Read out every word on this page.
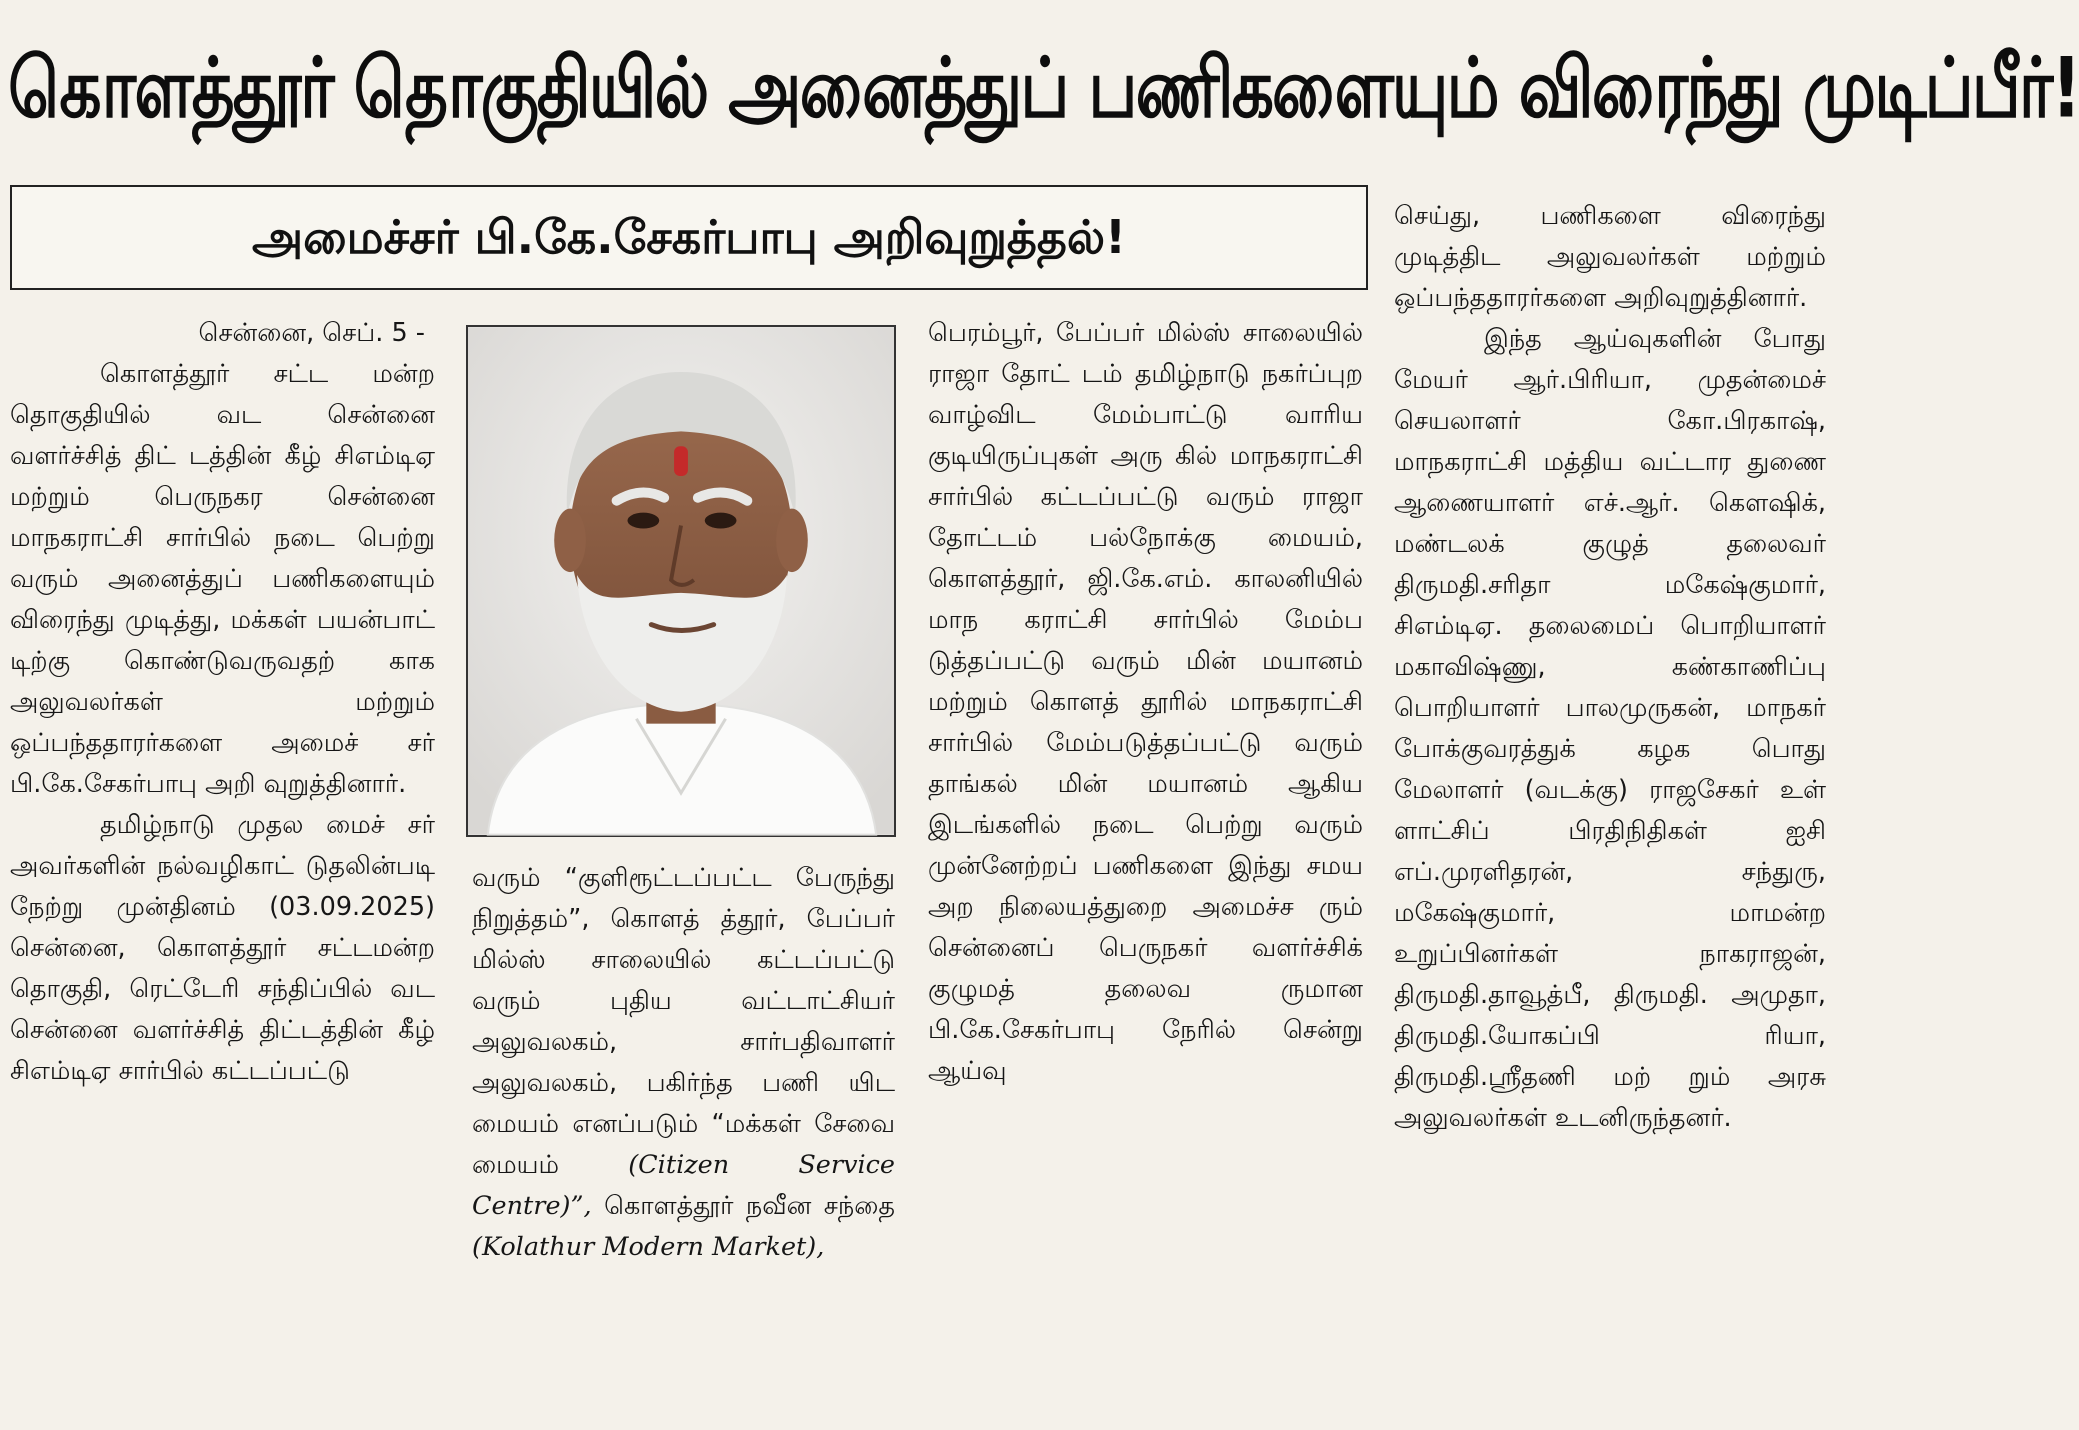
கொளத்தூர் தொகுதியில் அனைத்துப் பணிகளையும் விரைந்து முடிப்பீர்!
அமைச்சர் பி.கே.சேகர்பாபு அறிவுறுத்தல்!

சென்னை, செப். 5 -

கொளத்தூர் சட்ட மன்ற தொகுதியில் வட சென்னை வளர்ச்சித் திட் டத்தின் கீழ் சிஎம்டிஏ மற்றும் பெருநகர சென்னை மாநகராட்சி சார்பில் நடை பெற்று வரும் அனைத்துப் பணிகளையும் விரைந்து முடித்து, மக்கள் பயன்பாட் டிற்கு கொண்டுவருவதற் காக அலுவலர்கள் மற்றும் ஒப்பந்ததாரர்களை அமைச் சர் பி.கே.சேகர்பாபு அறி வுறுத்தினார்.

தமிழ்நாடு முதல மைச் சர் அவர்களின் நல்வழிகாட் டுதலின்படி நேற்று முன்தினம் (03.09.2025) சென்னை, கொளத்தூர் சட்டமன்ற தொகுதி, ரெட்டேரி சந்திப்பில் வட சென்னை வளர்ச்சித் திட்டத்தின் கீழ் சிஎம்டிஏ சார்பில் கட்டப்பட்டு

வரும் “குளிரூட்டப்பட்ட பேருந்து நிறுத்தம்”, கொளத் த்தூர், பேப்பர் மில்ஸ் சாலையில் கட்டப்பட்டு வரும் புதிய வட்டாட்சியர் அலுவலகம், சார்பதிவாளர் அலுவலகம், பகிர்ந்த பணி யிட மையம் எனப்படும் “மக்கள் சேவை மையம்	(Citizen Service Centre)”, கொளத்தூர் நவீன சந்தை (Kolathur Modern Market),

பெரம்பூர், பேப்பர் மில்ஸ் சாலையில் ராஜா தோட் டம் தமிழ்நாடு நகர்ப்புற வாழ்விட மேம்பாட்டு வாரிய குடியிருப்புகள் அரு கில் மாநகராட்சி சார்பில் கட்டப்பட்டு வரும் ராஜா தோட்டம் பல்நோக்கு மையம், கொளத்தூர், ஜி.கே.எம். காலனியில் மாந கராட்சி சார்பில் மேம்ப டுத்தப்பட்டு வரும் மின் மயானம் மற்றும் கொளத் தூரில் மாநகராட்சி சார்பில் மேம்படுத்தப்பட்டு வரும் தாங்கல் மின் மயானம் ஆகிய இடங்களில் நடை பெற்று வரும் முன்னேற்றப் பணிகளை இந்து சமய அற நிலையத்துறை அமைச்ச ரும் சென்னைப் பெருநகர் வளர்ச்சிக் குழுமத் தலைவ ருமான பி.கே.சேகர்பாபு நேரில் சென்று ஆய்வு

செய்து, பணிகளை விரைந்து முடித்திட அலுவலர்கள் மற்றும் ஒப்பந்ததாரர்களை அறிவுறுத்தினார்.

இந்த ஆய்வுகளின் போது மேயர் ஆர்.பிரியா, முதன்மைச் செயலாளர் கோ.பிரகாஷ், மாநகராட்சி மத்திய வட்டார துணை ஆணையாளர் எச்.ஆர். கௌஷிக், மண்டலக் குழுத் தலைவர் திருமதி.சரிதா மகேஷ்குமார், சிஎம்டிஏ. தலைமைப் பொறியாளர் மகாவிஷ்ணு, கண்காணிப்பு பொறியாளர் பாலமுருகன், மாநகர் போக்குவரத்துக் கழக பொது மேலாளர் (வடக்கு) ராஜசேகர் உள் ளாட்சிப் பிரதிநிதிகள் ஐசி எப்.முரளிதரன், சந்துரு, மகேஷ்குமார், மாமன்ற உறுப்பினர்கள் நாகராஜன், திருமதி.தாவூத்பீ, திருமதி. அமுதா, திருமதி.யோகப்பி ரியா, திருமதி.ஸ்ரீதணி மற் றும் அரசு அலுவலர்கள் உடனிருந்தனர்.
